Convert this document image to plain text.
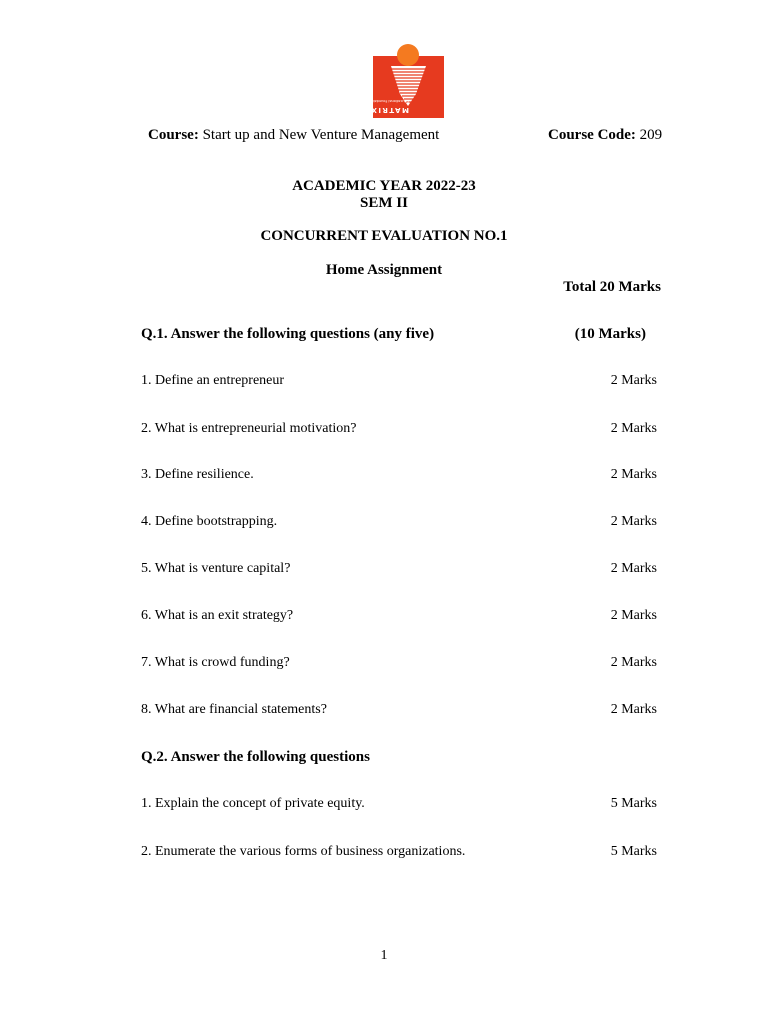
MATRIX
Educational Foundation
Course: Start up and New Venture Management	Course Code: 209
ACADEMIC YEAR 2022-23
SEM II
CONCURRENT EVALUATION NO.1
Home Assignment
Total 20 Marks
Q.1. Answer the following questions (any five)	(10 Marks)
1. Define an entrepreneur	2 Marks
2. What is entrepreneurial motivation?	2 Marks
3. Define resilience.	2 Marks
4. Define bootstrapping.	2 Marks
5. What is venture capital?	2 Marks
6. What is an exit strategy?	2 Marks
7. What is crowd funding?	2 Marks
8. What are financial statements?	2 Marks
Q.2. Answer the following questions
1. Explain the concept of private equity.	5 Marks
2. Enumerate the various forms of business organizations.	5 Marks
1
